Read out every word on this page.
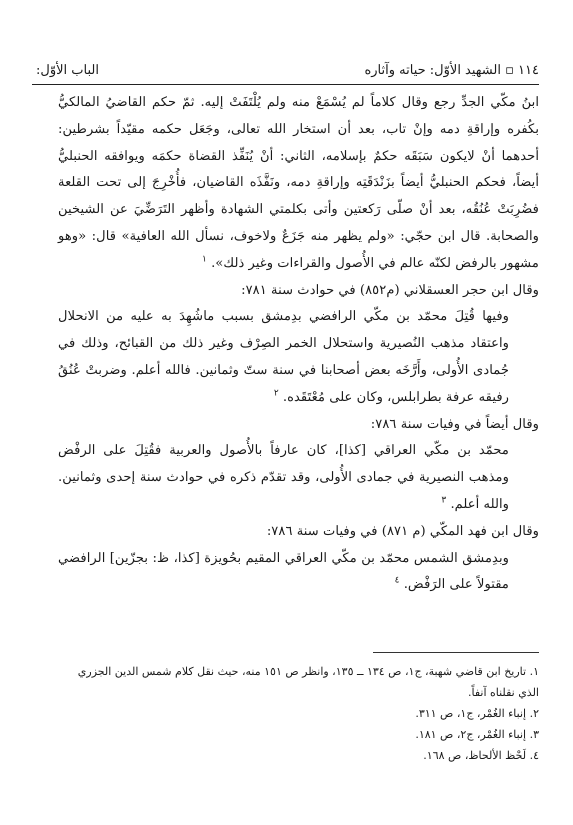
١١٤ ▫ الشهيد الأوّل: حياته وآثاره
الباب الأوّل:

ابنُ مكّي الجدِّ رجع وقال كلاماً لم يُسْمَعْ منه ولم يُلْتَفَتْ إليه. ثمّ حكم القاضيُ المالكيُّ بكُفره وإراقةِ دمه وإنْ تاب، بعد أن استخار الله تعالى، وجَعَل حكمه مقيّداً بشرطين: أحدهما أنْ لايكون سَبَقَه حكمٌ بإسلامه، الثاني: أنْ يُنَفِّذ القضاة حكمَه ويوافقه الحنبليُّ أيضاً، فحكم الحنبليُّ أيضاً بزَنْدَقَتِه وإراقةِ دمه، ونَفَّذَه القاضيان، فأُخْرِجَ إلى تحت القلعة فضُرِبَتْ عُنُقُه، بعد أنْ صلّى رَكعتين وأتى بكلمتي الشهادة وأظهر التَرَضِّيَ عن الشيخين والصحابة. قال ابن حجّي: «ولم يظهر منه جَزَعٌ ولاخوف، نسأل الله العافية» قال: «وهو مشهور بالرفض لكنّه عالم في الأُصول والقراءات وغير ذلك». $^١$

وقال ابن حجر العسقلاني (م٨٥٢) في حوادث سنة ٧٨١:

وفيها قُتِلَ محمّد بن مكّي الرافضي بدِمشق بسبب ماشُهِدَ به عليه من الانحلال واعتقاد مذهب النُصيرية واستحلال الخمر الصِرْف وغير ذلك من القبائح، وذلك في جُمادى الأُولى، وأَرَّخَه بعض أصحابنا في سنة ستّ وثمانين. فالله أعلم. وضربتْ عُنُقُ رفيقه عرفة بطرابلس، وكان على مُعْتَقَده. $^٢$

وقال أيضاً في وفيات سنة ٧٨٦:

محمّد بن مكّي العراقي [كذا]، كان عارفاً بالأُصول والعربية فقُتِلَ على الرفْض ومذهب النصيرية في جمادى الأُولى، وقد تقدّم ذكره في حوادث سنة إحدى وثمانين. والله أعلم. $^٣$

وقال ابن فهد المكّي (م ٨٧١) في وفيات سنة ٧٨٦:

وبدِمشق الشمس محمّد بن مكّي العراقي المقيم بحُويزة [كذا، ظ: بجزّين] الرافضي مقتولاً على الرَفْض. $^٤$

١. تاريخ ابن قاضي شهبة، ج١، ص ١٣٤ ــ ١٣٥، وانظر ص ١٥١ منه، حيث نقل كلام شمس الدين الجزري الذي نقلناه آنفاً.

٢. إنباء الغُمْر، ج١، ص ٣١١.

٣. إنباء الغُمْر، ج٢، ص ١٨١.

٤. لَحْظ الألحاظ، ص ١٦٨.
